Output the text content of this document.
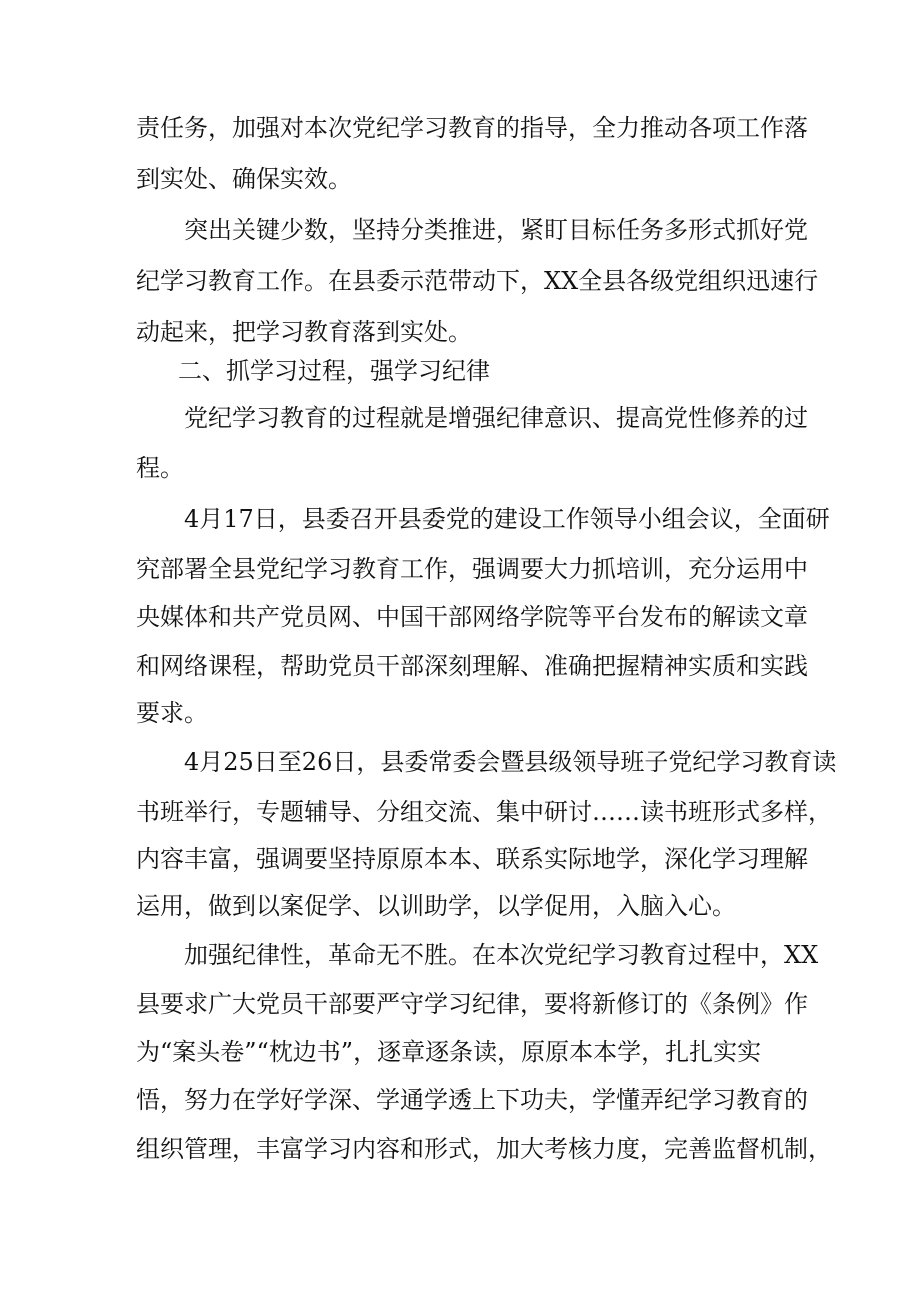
责任务，加强对本次党纪学习教育的指导，全力推动各项工作落
到实处、确保实效。
突出关键少数，坚持分类推进，紧盯目标任务多形式抓好党
纪学习教育工作。在县委示范带动下，XX全县各级党组织迅速行
动起来，把学习教育落到实处。
二、抓学习过程，强学习纪律
党纪学习教育的过程就是增强纪律意识、提高党性修养的过
程。
4月17日，县委召开县委党的建设工作领导小组会议，全面研
究部署全县党纪学习教育工作，强调要大力抓培训，充分运用中
央媒体和共产党员网、中国干部网络学院等平台发布的解读文章
和网络课程，帮助党员干部深刻理解、准确把握精神实质和实践
要求。
4月25日至26日，县委常委会暨县级领导班子党纪学习教育读
书班举行，专题辅导、分组交流、集中研讨……读书班形式多样，
内容丰富，强调要坚持原原本本、联系实际地学，深化学习理解
运用，做到以案促学、以训助学，以学促用，入脑入心。
加强纪律性，革命无不胜。在本次党纪学习教育过程中，XX
县要求广大党员干部要严守学习纪律，要将新修订的《条例》作
为“案头卷”“枕边书”，逐章逐条读，原原本本学，扎扎实实
悟，努力在学好学深、学通学透上下功夫，学懂弄纪学习教育的
组织管理，丰富学习内容和形式，加大考核力度，完善监督机制，
